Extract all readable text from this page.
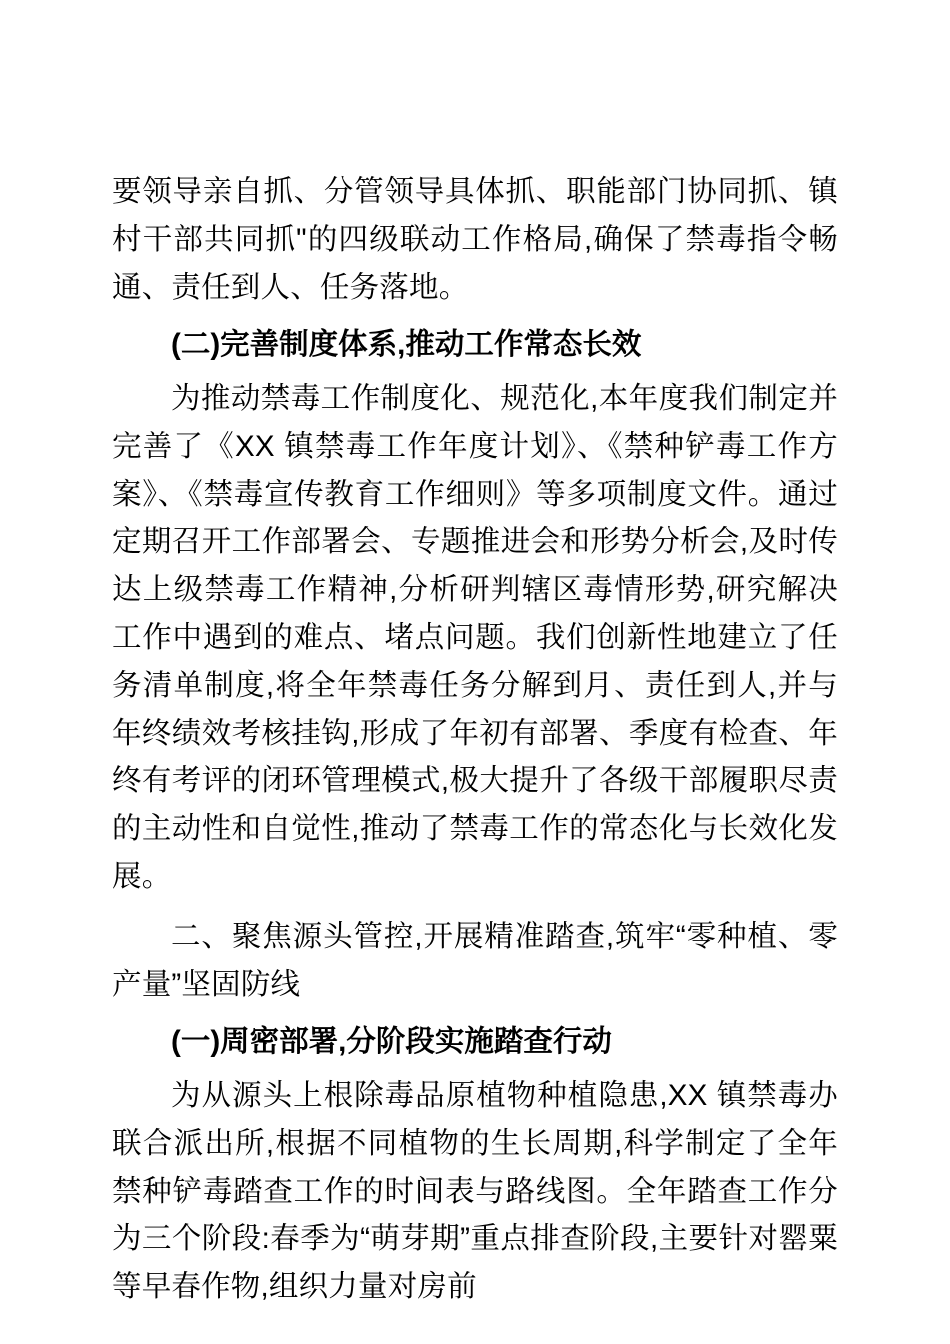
要领导亲自抓、分管领导具体抓、职能部门协同抓、镇村干部共同抓"的四级联动工作格局,确保了禁毒指令畅通、责任到人、任务落地。

(二)完善制度体系,推动工作常态长效

为推动禁毒工作制度化、规范化,本年度我们制定并完善了《XX 镇禁毒工作年度计划》、《禁种铲毒工作方案》、《禁毒宣传教育工作细则》等多项制度文件。通过定期召开工作部署会、专题推进会和形势分析会,及时传达上级禁毒工作精神,分析研判辖区毒情形势,研究解决工作中遇到的难点、堵点问题。我们创新性地建立了任务清单制度,将全年禁毒任务分解到月、责任到人,并与年终绩效考核挂钩,形成了年初有部署、季度有检查、年终有考评的闭环管理模式,极大提升了各级干部履职尽责的主动性和自觉性,推动了禁毒工作的常态化与长效化发展。

二、聚焦源头管控,开展精准踏查,筑牢“零种植、零产量”坚固防线

(一)周密部署,分阶段实施踏查行动

为从源头上根除毒品原植物种植隐患,XX 镇禁毒办联合派出所,根据不同植物的生长周期,科学制定了全年禁种铲毒踏查工作的时间表与路线图。全年踏查工作分为三个阶段:春季为“萌芽期”重点排查阶段,主要针对罂粟等早春作物,组织力量对房前
